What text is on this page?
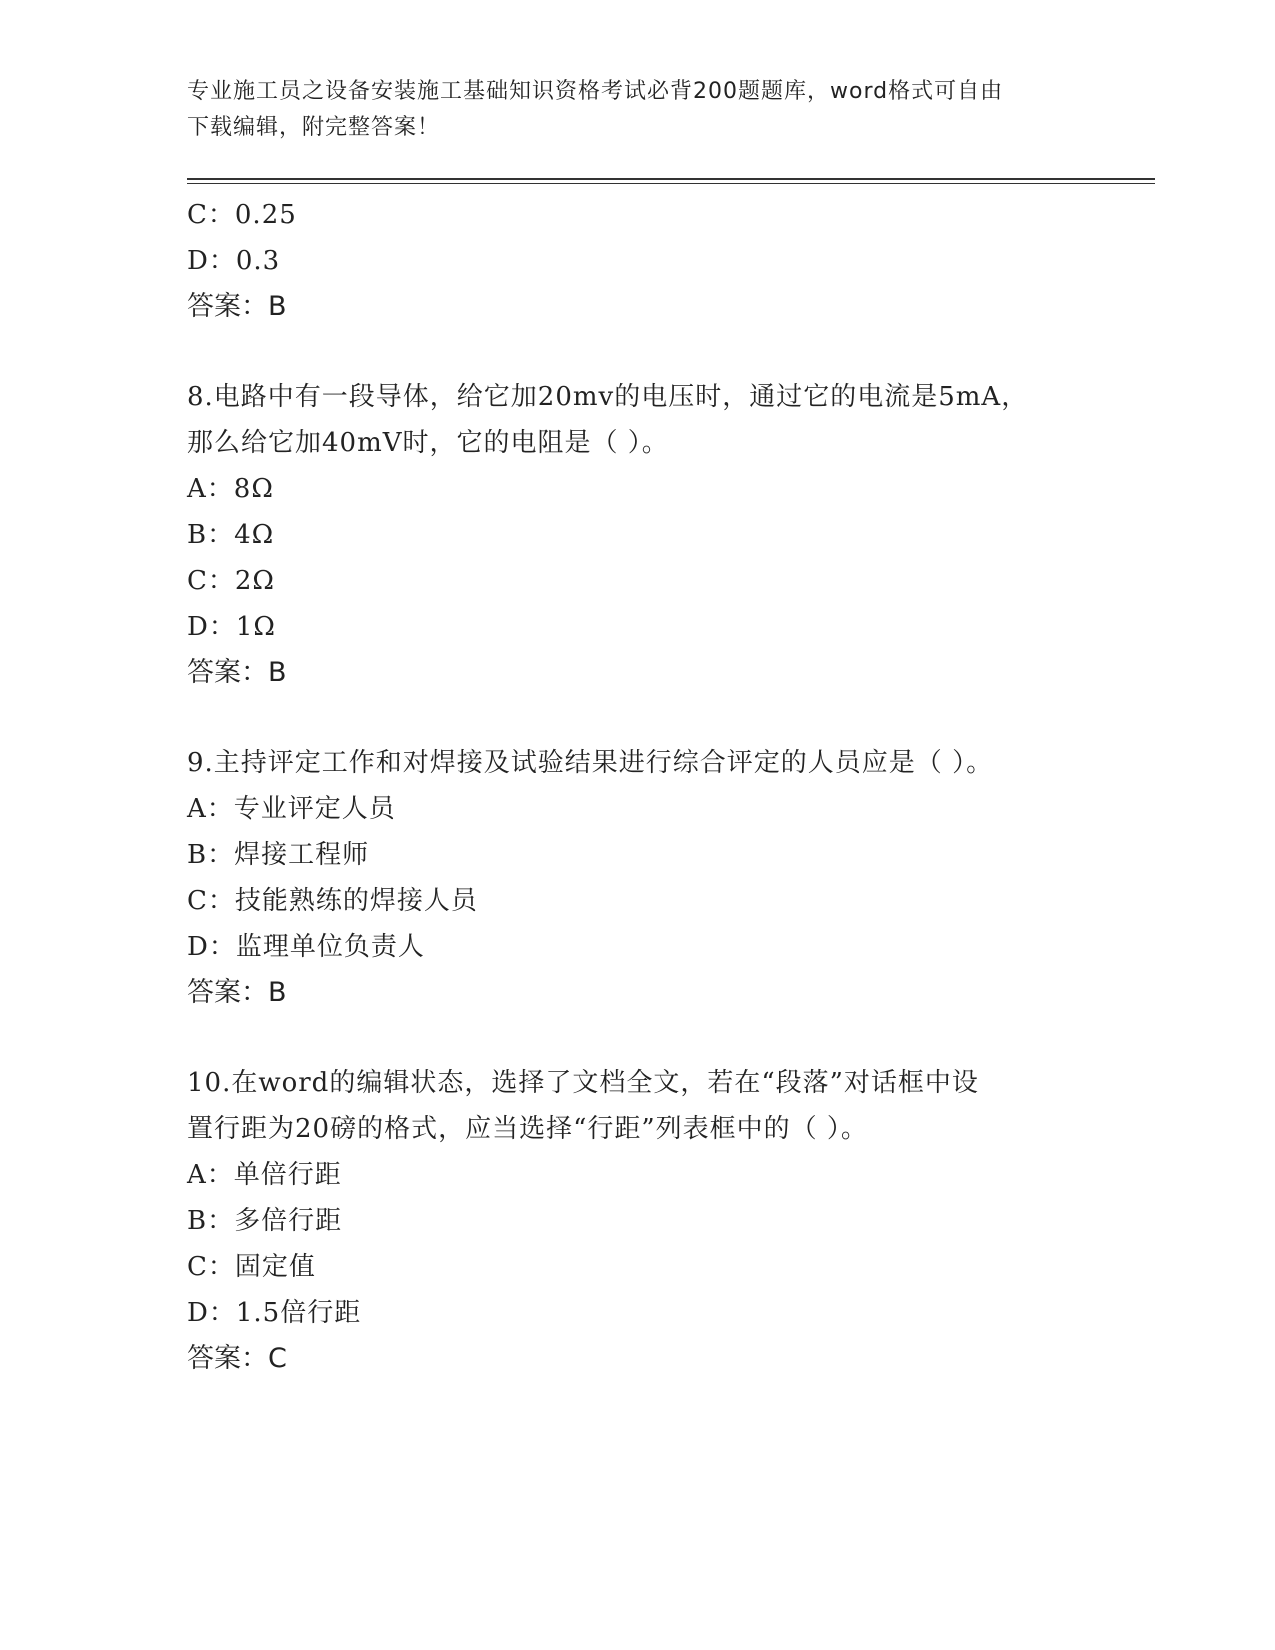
专业施工员之设备安装施工基础知识资格考试必背200题题库，word格式可自由
下载编辑，附完整答案！
C：0.25
D：0.3
答案：B
8.电路中有一段导体，给它加20mv的电压时，通过它的电流是5mA，
那么给它加40mV时，它的电阻是（ ）。
A：8Ω
B：4Ω
C：2Ω
D：1Ω
答案：B
9.主持评定工作和对焊接及试验结果进行综合评定的人员应是（ ）。
A：专业评定人员
B：焊接工程师
C：技能熟练的焊接人员
D：监理单位负责人
答案：B
10.在word的编辑状态，选择了文档全文，若在“段落”对话框中设
置行距为20磅的格式，应当选择“行距”列表框中的（ ）。
A：单倍行距
B：多倍行距
C：固定值
D：1.5倍行距
答案：C
